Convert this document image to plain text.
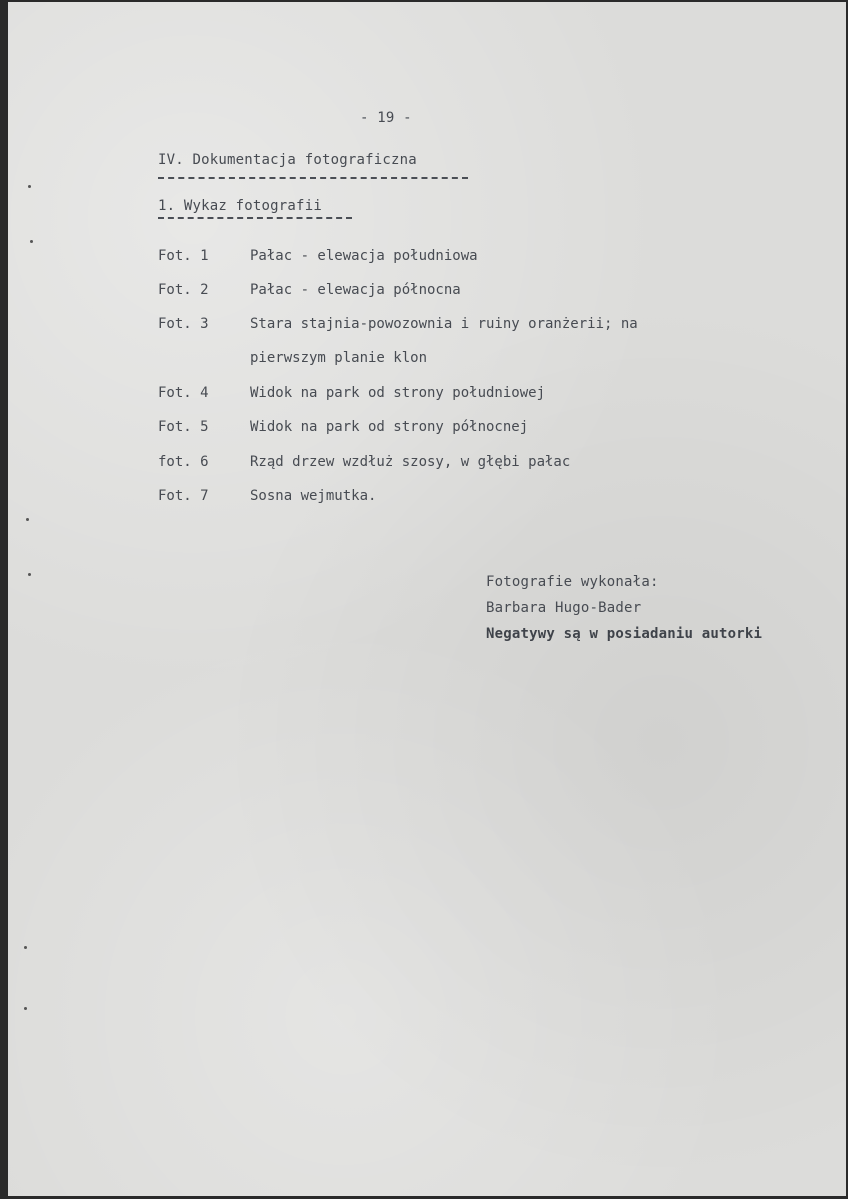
- 19 -
IV. Dokumentacja fotograficzna
1. Wykaz fotografii
Fot. 1	Pałac - elewacja południowa
Fot. 2	Pałac - elewacja północna
Fot. 3	Stara stajnia-powozownia i ruiny oranżerii; na
pierwszym planie klon
Fot. 4	Widok na park od strony południowej
Fot. 5	Widok na park od strony północnej
fot. 6	Rząd drzew wzdłuż szosy, w głębi pałac
Fot. 7	Sosna wejmutka.
Fotografie wykonała:
Barbara Hugo-Bader
Negatywy są w posiadaniu autorki
